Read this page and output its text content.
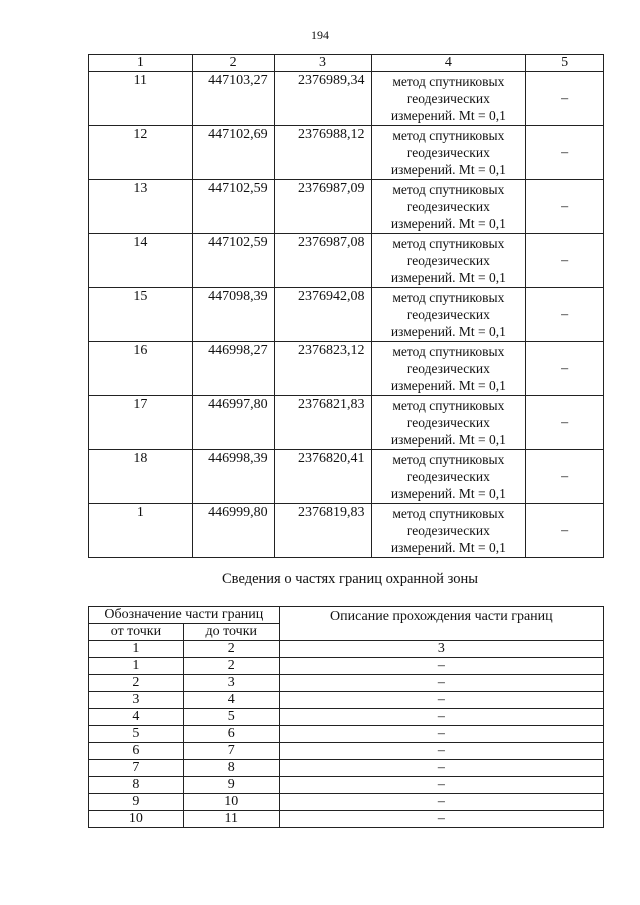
194
1	2	3	4	5
11	447103,27	2376989,34	метод спутниковых
геодезических
измерений. Mt = 0,1	–
12	447102,69	2376988,12	метод спутниковых
геодезических
измерений. Mt = 0,1	–
13	447102,59	2376987,09	метод спутниковых
геодезических
измерений. Mt = 0,1	–
14	447102,59	2376987,08	метод спутниковых
геодезических
измерений. Mt = 0,1	–
15	447098,39	2376942,08	метод спутниковых
геодезических
измерений. Mt = 0,1	–
16	446998,27	2376823,12	метод спутниковых
геодезических
измерений. Mt = 0,1	–
17	446997,80	2376821,83	метод спутниковых
геодезических
измерений. Mt = 0,1	–
18	446998,39	2376820,41	метод спутниковых
геодезических
измерений. Mt = 0,1	–
1	446999,80	2376819,83	метод спутниковых
геодезических
измерений. Mt = 0,1	–
Сведения о частях границ охранной зоны
Обозначение части границ		Описание прохождения части границ
от точки	до точки	
1	2	3
1	2	–
2	3	–
3	4	–
4	5	–
5	6	–
6	7	–
7	8	–
8	9	–
9	10	–
10	11	–
